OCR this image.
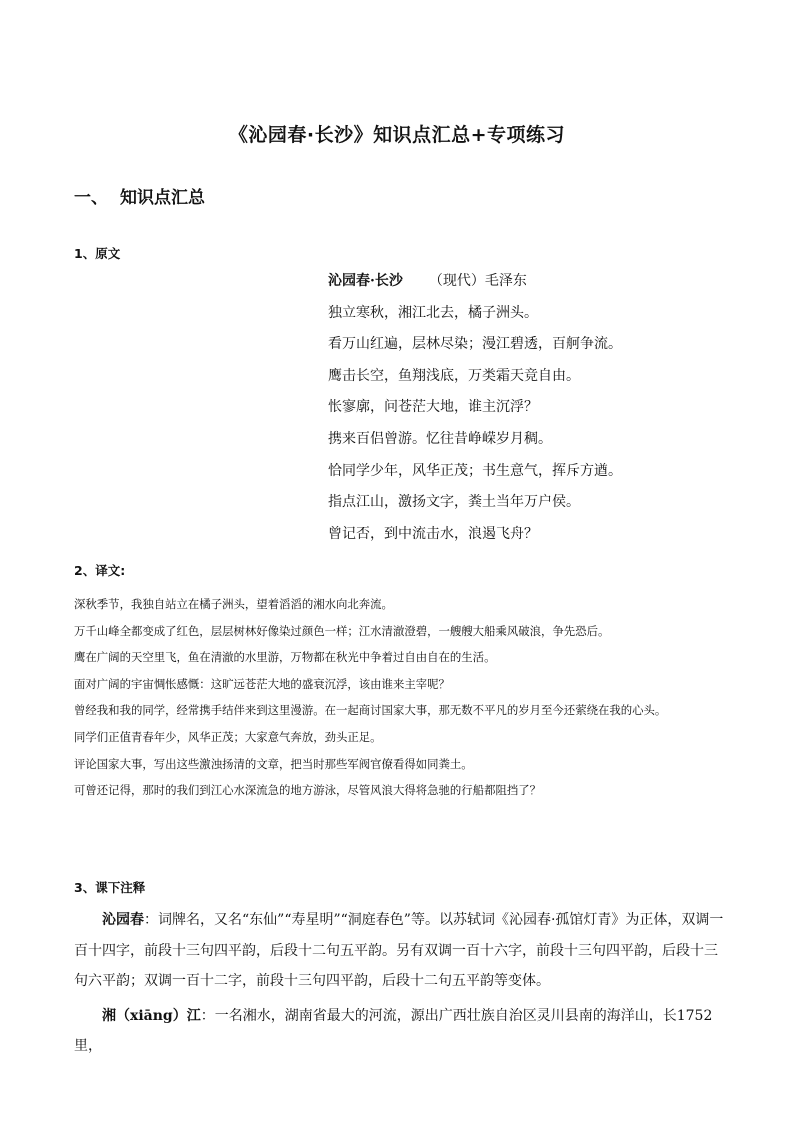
《沁园春·长沙》知识点汇总+专项练习
一、 知识点汇总
1、原文
沁园春·长沙 （现代）毛泽东
独立寒秋，湘江北去，橘子洲头。
看万山红遍，层林尽染；漫江碧透，百舸争流。
鹰击长空，鱼翔浅底，万类霜天竞自由。
怅寥廓，问苍茫大地，谁主沉浮？
携来百侣曾游。忆往昔峥嵘岁月稠。
恰同学少年，风华正茂；书生意气，挥斥方遒。
指点江山，激扬文字，粪土当年万户侯。
曾记否，到中流击水，浪遏飞舟？
2、译文:
深秋季节，我独自站立在橘子洲头，望着滔滔的湘水向北奔流。
万千山峰全都变成了红色，层层树林好像染过颜色一样；江水清澈澄碧，一艘艘大船乘风破浪，争先恐后。
鹰在广阔的天空里飞，鱼在清澈的水里游，万物都在秋光中争着过自由自在的生活。
面对广阔的宇宙惆怅感慨：这旷远苍茫大地的盛衰沉浮，该由谁来主宰呢？
曾经我和我的同学，经常携手结伴来到这里漫游。在一起商讨国家大事，那无数不平凡的岁月至今还萦绕在我的心头。
同学们正值青春年少，风华正茂；大家意气奔放，劲头正足。
评论国家大事，写出这些激浊扬清的文章，把当时那些军阀官僚看得如同粪土。
可曾还记得，那时的我们到江心水深流急的地方游泳，尽管风浪大得将急驰的行船都阻挡了？
3、课下注释
沁园春：词牌名，又名“东仙”“寿星明”“洞庭春色”等。以苏轼词《沁园春·孤馆灯青》为正体，双调一百十四字，前段十三句四平韵，后段十二句五平韵。另有双调一百十六字，前段十三句四平韵，后段十三句六平韵；双调一百十二字，前段十三句四平韵，后段十二句五平韵等变体。
湘（xiāng）江：一名湘水，湖南省最大的河流，源出广西壮族自治区灵川县南的海洋山，长1752里，
